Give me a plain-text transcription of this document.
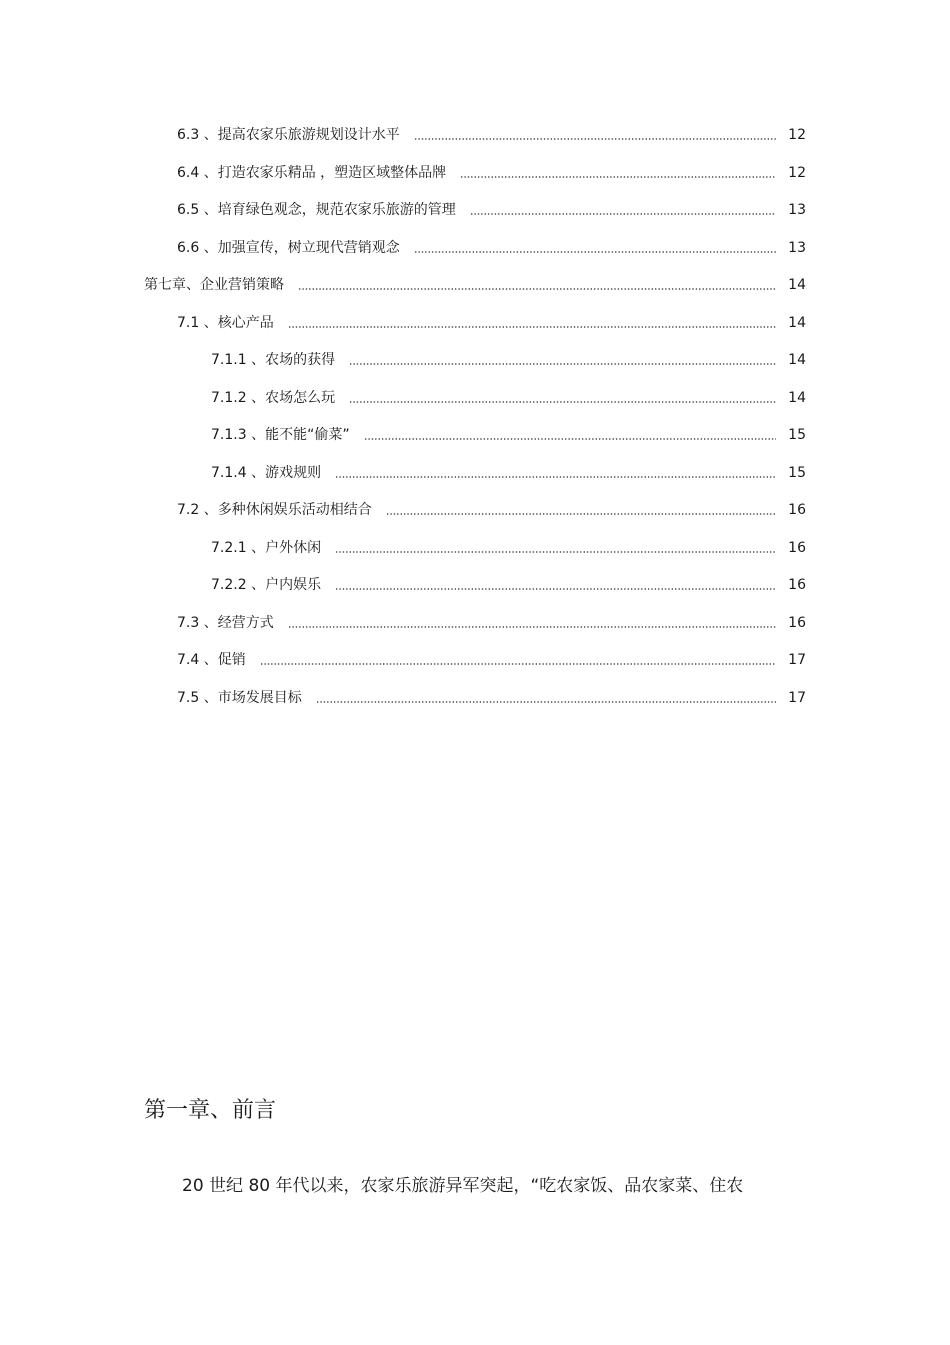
6.3 、提高农家乐旅游规划设计水平	12
6.4 、打造农家乐精品 ，塑造区域整体品牌	12
6.5 、培育绿色观念，规范农家乐旅游的管理	13
6.6 、加强宣传，树立现代营销观念	13
第七章、企业营销策略	14
7.1 、核心产品	14
7.1.1 、农场的获得	14
7.1.2 、农场怎么玩	14
7.1.3 、能不能“偷菜”	15
7.1.4 、游戏规则	15
7.2 、多种休闲娱乐活动相结合	16
7.2.1 、户外休闲	16
7.2.2 、户内娱乐	16
7.3 、经营方式	16
7.4 、促销	17
7.5 、市场发展目标	17
第一章、前言

20 世纪 80 年代以来，农家乐旅游异军突起，“吃农家饭、品农家菜、住农
